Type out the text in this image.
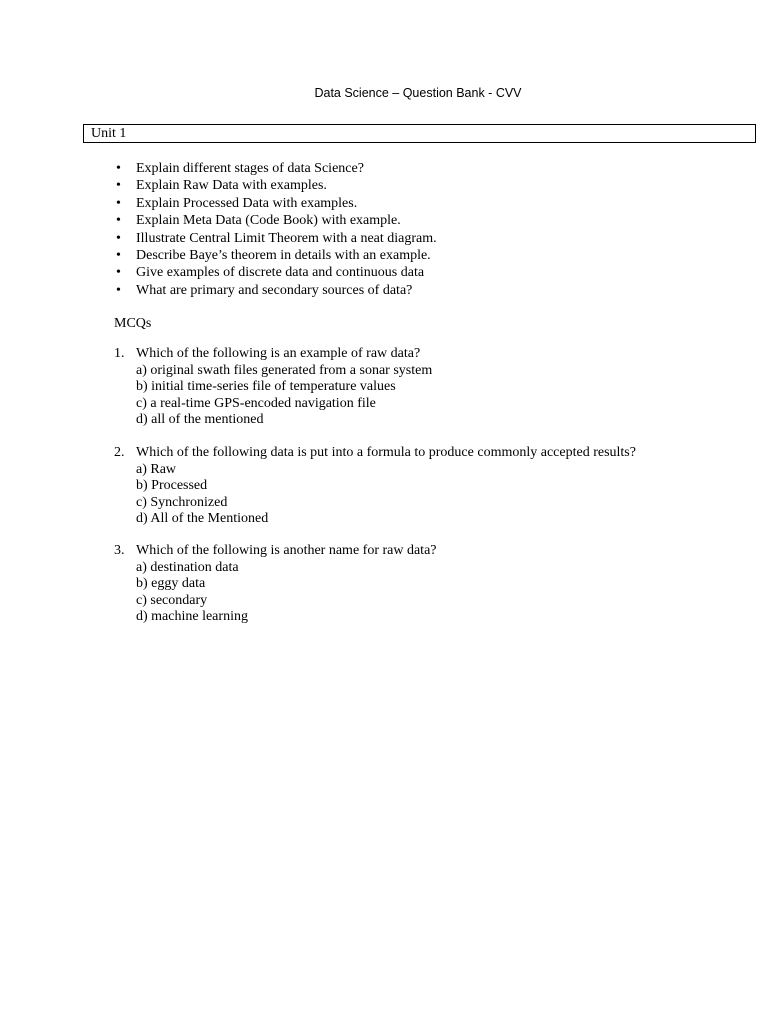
Data Science – Question Bank - CVV
Unit 1
• Explain different stages of data Science?
• Explain Raw Data with examples.
• Explain Processed Data with examples.
• Explain Meta Data (Code Book) with example.
• Illustrate Central Limit Theorem with a neat diagram.
• Describe Baye’s theorem in details with an example.
• Give examples of discrete data and continuous data
• What are primary and secondary sources of data?
MCQs
1. Which of the following is an example of raw data?
a) original swath files generated from a sonar system
b) initial time-series file of temperature values
c) a real-time GPS-encoded navigation file
d) all of the mentioned
2. Which of the following data is put into a formula to produce commonly accepted results?
a) Raw
b) Processed
c) Synchronized
d) All of the Mentioned
3. Which of the following is another name for raw data?
a) destination data
b) eggy data
c) secondary
d) machine learning
